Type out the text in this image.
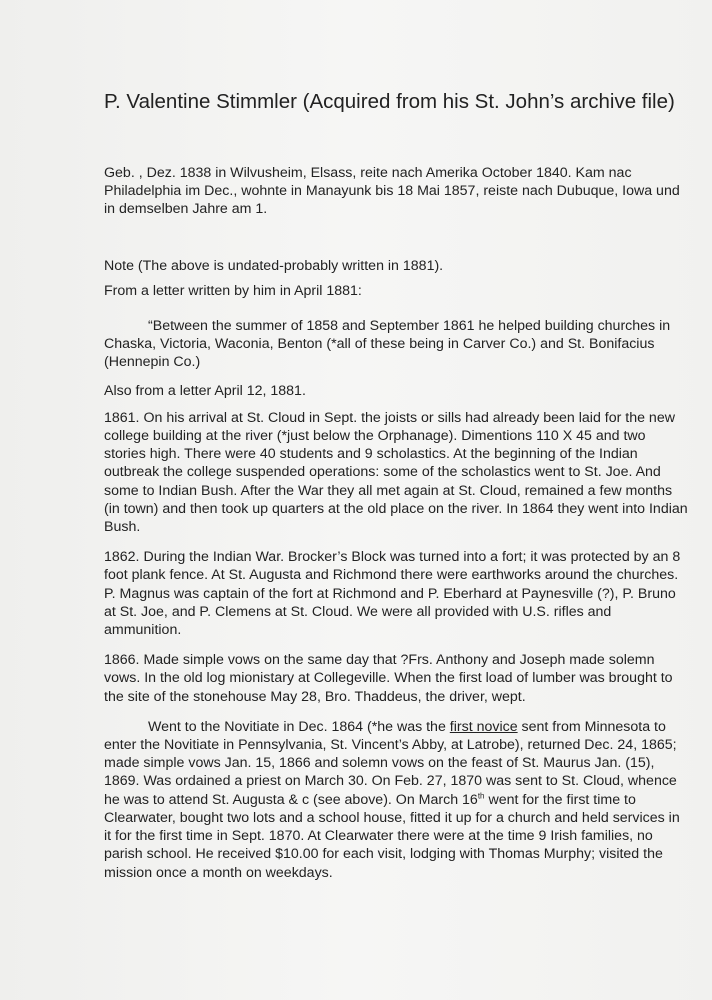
P. Valentine Stimmler (Acquired from his St. John’s archive file)

Geb. , Dez. 1838 in Wilvusheim, Elsass, reite nach Amerika October 1840. Kam nac Philadelphia im Dec., wohnte in Manayunk bis 18 Mai 1857, reiste nach Dubuque, Iowa und in demselben Jahre am 1.

Note (The above is undated-probably written in 1881).

From a letter written by him in April 1881:

“Between the summer of 1858 and September 1861 he helped building churches in Chaska, Victoria, Waconia, Benton (*all of these being in Carver Co.) and St. Bonifacius (Hennepin Co.)

Also from a letter April 12, 1881.

1861. On his arrival at St. Cloud in Sept. the joists or sills had already been laid for the new college building at the river (*just below the Orphanage). Dimentions 110 X 45 and two stories high. There were 40 students and 9 scholastics. At the beginning of the Indian outbreak the college suspended operations: some of the scholastics went to St. Joe. And some to Indian Bush. After the War they all met again at St. Cloud, remained a few months (in town) and then took up quarters at the old place on the river. In 1864 they went into Indian Bush.

1862. During the Indian War. Brocker’s Block was turned into a fort; it was protected by an 8 foot plank fence. At St. Augusta and Richmond there were earthworks around the churches. P. Magnus was captain of the fort at Richmond and P. Eberhard at Paynesville (?), P. Bruno at St. Joe, and P. Clemens at St. Cloud. We were all provided with U.S. rifles and ammunition.

1866. Made simple vows on the same day that ?Frs. Anthony and Joseph made solemn vows. In the old log mionistary at Collegeville. When the first load of lumber was brought to the site of the stonehouse May 28, Bro. Thaddeus, the driver, wept.

Went to the Novitiate in Dec. 1864 (*he was the first novice sent from Minnesota to enter the Novitiate in Pennsylvania, St. Vincent’s Abby, at Latrobe), returned Dec. 24, 1865; made simple vows Jan. 15, 1866 and solemn vows on the feast of St. Maurus Jan. (15), 1869. Was ordained a priest on March 30. On Feb. 27, 1870 was sent to St. Cloud, whence he was to attend St. Augusta & c (see above). On March 16th went for the first time to Clearwater, bought two lots and a school house, fitted it up for a church and held services in it for the first time in Sept. 1870. At Clearwater there were at the time 9 Irish families, no parish school. He received $10.00 for each visit, lodging with Thomas Murphy; visited the mission once a month on weekdays.
